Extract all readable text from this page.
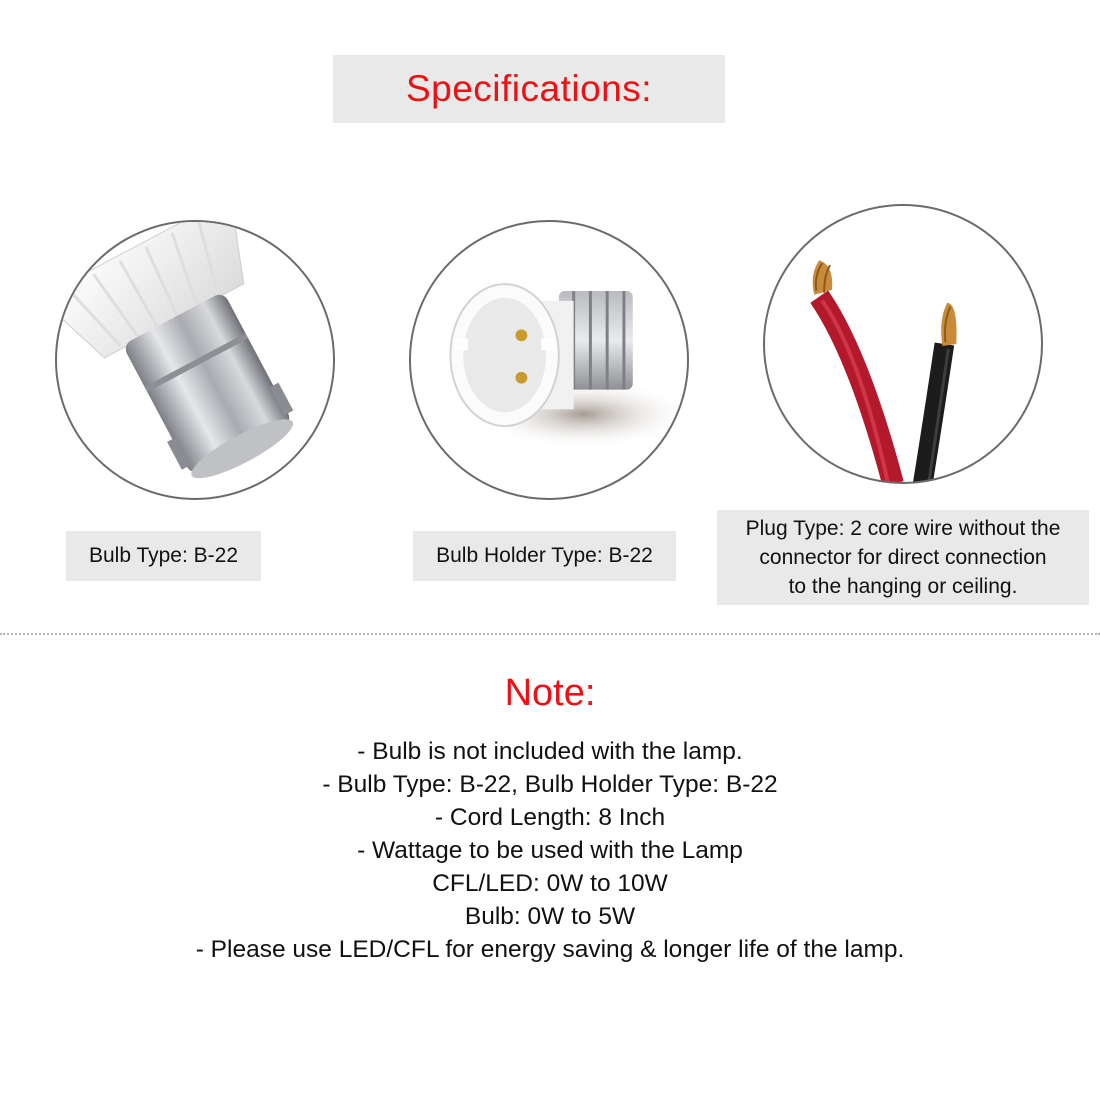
Specifications:
Bulb Type: B-22	Bulb Holder Type: B-22
Plug Type: 2 core wire without the
connector for direct connection
to the hanging or ceiling.
Note:
- Bulb is not included with the lamp.
- Bulb Type: B-22, Bulb Holder Type: B-22
- Cord Length: 8 Inch
- Wattage to be used with the Lamp
CFL/LED: 0W to 10W
Bulb: 0W to 5W
- Please use LED/CFL for energy saving & longer life of the lamp.
